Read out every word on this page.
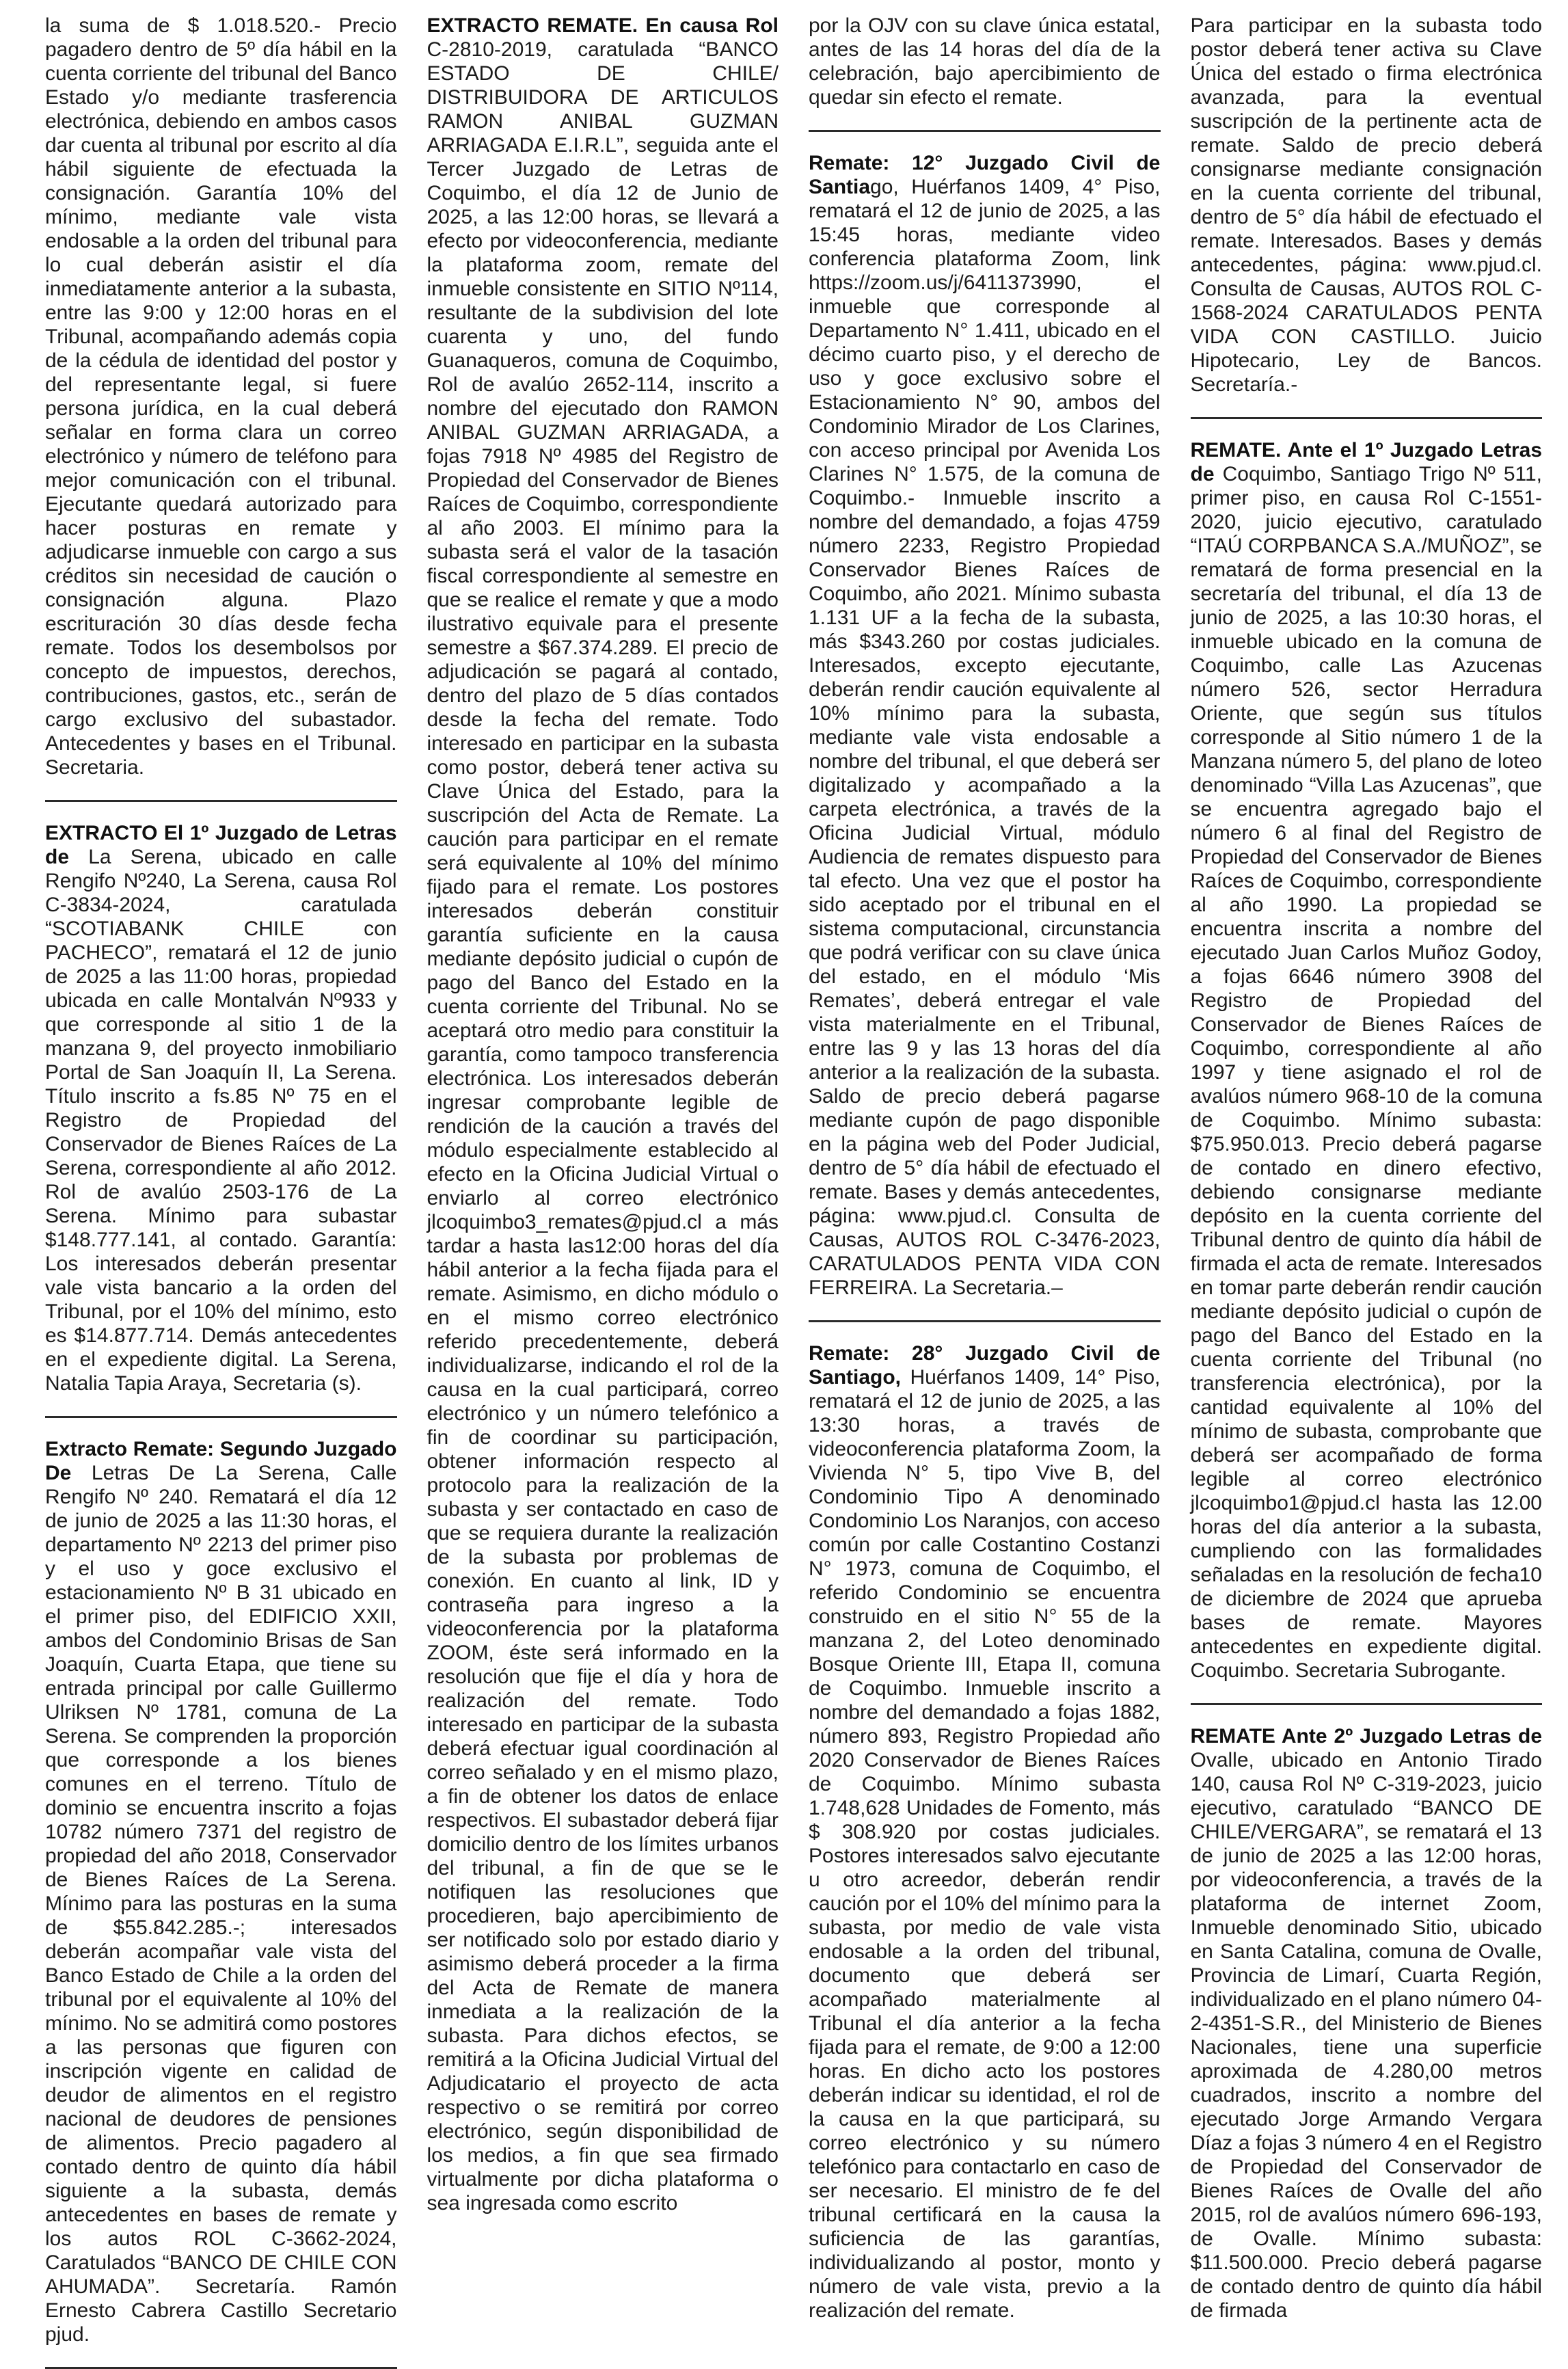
la suma de $ 1.018.520.- Precio pagadero dentro de 5º día hábil en la cuenta corriente del tribunal del Banco Estado y/o mediante trasferencia electrónica, debiendo en ambos casos dar cuenta al tribunal por escrito al día hábil siguiente de efectuada la consignación. Garantía 10% del mínimo, mediante vale vista endosable a la orden del tribunal para lo cual deberán asistir el día inmediatamente anterior a la subasta, entre las 9:00 y 12:00 horas en el Tribunal, acompañando además copia de la cédula de identidad del postor y del representante legal, si fuere persona jurídica, en la cual deberá señalar en forma clara un correo electrónico y número de teléfono para mejor comunicación con el tribunal. Ejecutante quedará autorizado para hacer posturas en remate y adjudicarse inmueble con cargo a sus créditos sin necesidad de caución o consignación alguna. Plazo escrituración 30 días desde fecha remate. Todos los desembolsos por concepto de impuestos, derechos, contribuciones, gastos, etc., serán de cargo exclusivo del subastador. Antecedentes y bases en el Tribunal. Secretaria.

EXTRACTO El 1º Juzgado de Letras de La Serena, ubicado en calle Rengifo Nº240, La Serena, causa Rol C-3834-2024, caratulada “SCOTIABANK CHILE con PACHECO”, rematará el 12 de junio de 2025 a las 11:00 horas, propiedad ubicada en calle Montalván Nº933 y que corresponde al sitio 1 de la manzana 9, del proyecto inmobiliario Portal de San Joaquín II, La Serena. Título inscrito a fs.85 Nº 75 en el Registro de Propiedad del Conservador de Bienes Raíces de La Serena, correspondiente al año 2012. Rol de avalúo 2503-176 de La Serena. Mínimo para subastar $148.777.141, al contado. Garantía: Los interesados deberán presentar vale vista bancario a la orden del Tribunal, por el 10% del mínimo, esto es $14.877.714. Demás antecedentes en el expediente digital. La Serena, Natalia Tapia Araya, Secretaria (s).

Extracto Remate: Segundo Juzgado De Letras De La Serena, Calle Rengifo Nº 240. Rematará el día 12 de junio de 2025 a las 11:30 horas, el departamento Nº 2213 del primer piso y el uso y goce exclusivo el estacionamiento Nº B 31 ubicado en el primer piso, del EDIFICIO XXII, ambos del Condominio Brisas de San Joaquín, Cuarta Etapa, que tiene su entrada principal por calle Guillermo Ulriksen Nº 1781, comuna de La Serena. Se comprenden la proporción que corresponde a los bienes comunes en el terreno. Título de dominio se encuentra inscrito a fojas 10782 número 7371 del registro de propiedad del año 2018, Conservador de Bienes Raíces de La Serena. Mínimo para las posturas en la suma de $55.842.285.-; interesados deberán acompañar vale vista del Banco Estado de Chile a la orden del tribunal por el equivalente al 10% del mínimo. No se admitirá como postores a las personas que figuren con inscripción vigente en calidad de deudor de alimentos en el registro nacional de deudores de pensiones de alimentos. Precio pagadero al contado dentro de quinto día hábil siguiente a la subasta, demás antecedentes en bases de remate y los autos ROL C-3662-2024, Caratulados “BANCO DE CHILE CON AHUMADA”. Secretaría. Ramón Ernesto Cabrera Castillo Secretario pjud.

EXTRACTO REMATE. En causa Rol C-2810-2019, caratulada “BANCO ESTADO DE CHILE/ DISTRIBUIDORA DE ARTICULOS RAMON ANIBAL GUZMAN ARRIAGADA E.I.R.L”, seguida ante el Tercer Juzgado de Letras de Coquimbo, el día 12 de Junio de 2025, a las 12:00 horas, se llevará a efecto por videoconferencia, mediante la plataforma zoom, remate del inmueble consistente en SITIO Nº114, resultante de la subdivision del lote cuarenta y uno, del fundo Guanaqueros, comuna de Coquimbo, Rol de avalúo 2652-114, inscrito a nombre del ejecutado don RAMON ANIBAL GUZMAN ARRIAGADA, a fojas 7918 Nº 4985 del Registro de Propiedad del Conservador de Bienes Raíces de Coquimbo, correspondiente al año 2003. El mínimo para la subasta será el valor de la tasación fiscal correspondiente al semestre en que se realice el remate y que a modo ilustrativo equivale para el presente semestre a $67.374.289. El precio de adjudicación se pagará al contado, dentro del plazo de 5 días contados desde la fecha del remate. Todo interesado en participar en la subasta como postor, deberá tener activa su Clave Única del Estado, para la suscripción del Acta de Remate. La caución para participar en el remate será equivalente al 10% del mínimo fijado para el remate. Los postores interesados deberán constituir garantía suficiente en la causa mediante depósito judicial o cupón de pago del Banco del Estado en la cuenta corriente del Tribunal. No se aceptará otro medio para constituir la garantía, como tampoco transferencia electrónica. Los interesados deberán ingresar comprobante legible de rendición de la caución a través del módulo especialmente establecido al efecto en la Oficina Judicial Virtual o enviarlo al correo electrónico jlcoquimbo3_remates@pjud.cl a más tardar a hasta las12:00 horas del día hábil anterior a la fecha fijada para el remate. Asimismo, en dicho módulo o en el mismo correo electrónico referido precedentemente, deberá individualizarse, indicando el rol de la causa en la cual participará, correo electrónico y un número telefónico a fin de coordinar su participación, obtener información respecto al protocolo para la realización de la subasta y ser contactado en caso de que se requiera durante la realización de la subasta por problemas de conexión. En cuanto al link, ID y contraseña para ingreso a la videoconferencia por la plataforma ZOOM, éste será informado en la resolución que fije el día y hora de realización del remate. Todo interesado en participar de la subasta deberá efectuar igual coordinación al correo señalado y en el mismo plazo, a fin de obtener los datos de enlace respectivos. El subastador deberá fijar domicilio dentro de los límites urbanos del tribunal, a fin de que se le notifiquen las resoluciones que procedieren, bajo apercibimiento de ser notificado solo por estado diario y asimismo deberá proceder a la firma del Acta de Remate de manera inmediata a la realización de la subasta. Para dichos efectos, se remitirá a la Oficina Judicial Virtual del Adjudicatario el proyecto de acta respectivo o se remitirá por correo electrónico, según disponibilidad de los medios, a fin que sea firmado virtualmente por dicha plataforma o sea ingresada como escrito

por la OJV con su clave única estatal, antes de las 14 horas del día de la celebración, bajo apercibimiento de quedar sin efecto el remate.

Remate: 12° Juzgado Civil de Santiago, Huérfanos 1409, 4° Piso, rematará el 12 de junio de 2025, a las 15:45 horas, mediante video conferencia plataforma Zoom, link https://zoom.us/j/6411373990, el inmueble que corresponde al Departamento N° 1.411, ubicado en el décimo cuarto piso, y el derecho de uso y goce exclusivo sobre el Estacionamiento N° 90, ambos del Condominio Mirador de Los Clarines, con acceso principal por Avenida Los Clarines N° 1.575, de la comuna de Coquimbo.- Inmueble inscrito a nombre del demandado, a fojas 4759 número 2233, Registro Propiedad Conservador Bienes Raíces de Coquimbo, año 2021. Mínimo subasta 1.131 UF a la fecha de la subasta, más $343.260 por costas judiciales. Interesados, excepto ejecutante, deberán rendir caución equivalente al 10% mínimo para la subasta, mediante vale vista endosable a nombre del tribunal, el que deberá ser digitalizado y acompañado a la carpeta electrónica, a través de la Oficina Judicial Virtual, módulo Audiencia de remates dispuesto para tal efecto. Una vez que el postor ha sido aceptado por el tribunal en el sistema computacional, circunstancia que podrá verificar con su clave única del estado, en el módulo ‘Mis Remates’, deberá entregar el vale vista materialmente en el Tribunal, entre las 9 y las 13 horas del día anterior a la realización de la subasta. Saldo de precio deberá pagarse mediante cupón de pago disponible en la página web del Poder Judicial, dentro de 5° día hábil de efectuado el remate. Bases y demás antecedentes, página: www.pjud.cl. Consulta de Causas, AUTOS ROL C-3476-2023, CARATULADOS PENTA VIDA CON FERREIRA. La Secretaria.–

Remate: 28° Juzgado Civil de Santiago, Huérfanos 1409, 14° Piso, rematará el 12 de junio de 2025, a las 13:30 horas, a través de videoconferencia plataforma Zoom, la Vivienda N° 5, tipo Vive B, del Condominio Tipo A denominado Condominio Los Naranjos, con acceso común por calle Costantino Costanzi N° 1973, comuna de Coquimbo, el referido Condominio se encuentra construido en el sitio N° 55 de la manzana 2, del Loteo denominado Bosque Oriente III, Etapa II, comuna de Coquimbo. Inmueble inscrito a nombre del demandado a fojas 1882, número 893, Registro Propiedad año 2020 Conservador de Bienes Raíces de Coquimbo. Mínimo subasta 1.748,628 Unidades de Fomento, más $ 308.920 por costas judiciales. Postores interesados salvo ejecutante u otro acreedor, deberán rendir caución por el 10% del mínimo para la subasta, por medio de vale vista endosable a la orden del tribunal, documento que deberá ser acompañado materialmente al Tribunal el día anterior a la fecha fijada para el remate, de 9:00 a 12:00 horas. En dicho acto los postores deberán indicar su identidad, el rol de la causa en la que participará, su correo electrónico y su número telefónico para contactarlo en caso de ser necesario. El ministro de fe del tribunal certificará en la causa la suficiencia de las garantías, individualizando al postor, monto y número de vale vista, previo a la realización del remate.

Para participar en la subasta todo postor deberá tener activa su Clave Única del estado o firma electrónica avanzada, para la eventual suscripción de la pertinente acta de remate. Saldo de precio deberá consignarse mediante consignación en la cuenta corriente del tribunal, dentro de 5° día hábil de efectuado el remate. Interesados. Bases y demás antecedentes, página: www.pjud.cl. Consulta de Causas, AUTOS ROL C-1568-2024 CARATULADOS PENTA VIDA CON CASTILLO. Juicio Hipotecario, Ley de Bancos. Secretaría.-

REMATE. Ante el 1º Juzgado Letras de Coquimbo, Santiago Trigo Nº 511, primer piso, en causa Rol C-1551-2020, juicio ejecutivo, caratulado “ITAÚ CORPBANCA S.A./MUÑOZ”, se rematará de forma presencial en la secretaría del tribunal, el día 13 de junio de 2025, a las 10:30 horas, el inmueble ubicado en la comuna de Coquimbo, calle Las Azucenas número 526, sector Herradura Oriente, que según sus títulos corresponde al Sitio número 1 de la Manzana número 5, del plano de loteo denominado “Villa Las Azucenas”, que se encuentra agregado bajo el número 6 al final del Registro de Propiedad del Conservador de Bienes Raíces de Coquimbo, correspondiente al año 1990. La propiedad se encuentra inscrita a nombre del ejecutado Juan Carlos Muñoz Godoy, a fojas 6646 número 3908 del Registro de Propiedad del Conservador de Bienes Raíces de Coquimbo, correspondiente al año 1997 y tiene asignado el rol de avalúos número 968-10 de la comuna de Coquimbo. Mínimo subasta: $75.950.013. Precio deberá pagarse de contado en dinero efectivo, debiendo consignarse mediante depósito en la cuenta corriente del Tribunal dentro de quinto día hábil de firmada el acta de remate. Interesados en tomar parte deberán rendir caución mediante depósito judicial o cupón de pago del Banco del Estado en la cuenta corriente del Tribunal (no transferencia electrónica), por la cantidad equivalente al 10% del mínimo de subasta, comprobante que deberá ser acompañado de forma legible al correo electrónico jlcoquimbo1@pjud.cl hasta las 12.00 horas del día anterior a la subasta, cumpliendo con las formalidades señaladas en la resolución de fecha10 de diciembre de 2024 que aprueba bases de remate. Mayores antecedentes en expediente digital. Coquimbo. Secretaria Subrogante.

REMATE Ante 2º Juzgado Letras de Ovalle, ubicado en Antonio Tirado 140, causa Rol Nº C-319-2023, juicio ejecutivo, caratulado “BANCO DE CHILE/VERGARA”, se rematará el 13 de junio de 2025 a las 12:00 horas, por videoconferencia, a través de la plataforma de internet Zoom, Inmueble denominado Sitio, ubicado en Santa Catalina, comuna de Ovalle, Provincia de Limarí, Cuarta Región, individualizado en el plano número 04-2-4351-S.R., del Ministerio de Bienes Nacionales, tiene una superficie aproximada de 4.280,00 metros cuadrados, inscrito a nombre del ejecutado Jorge Armando Vergara Díaz a fojas 3 número 4 en el Registro de Propiedad del Conservador de Bienes Raíces de Ovalle del año 2015, rol de avalúos número 696-193, de Ovalle. Mínimo subasta: $11.500.000. Precio deberá pagarse de contado dentro de quinto día hábil de firmada
